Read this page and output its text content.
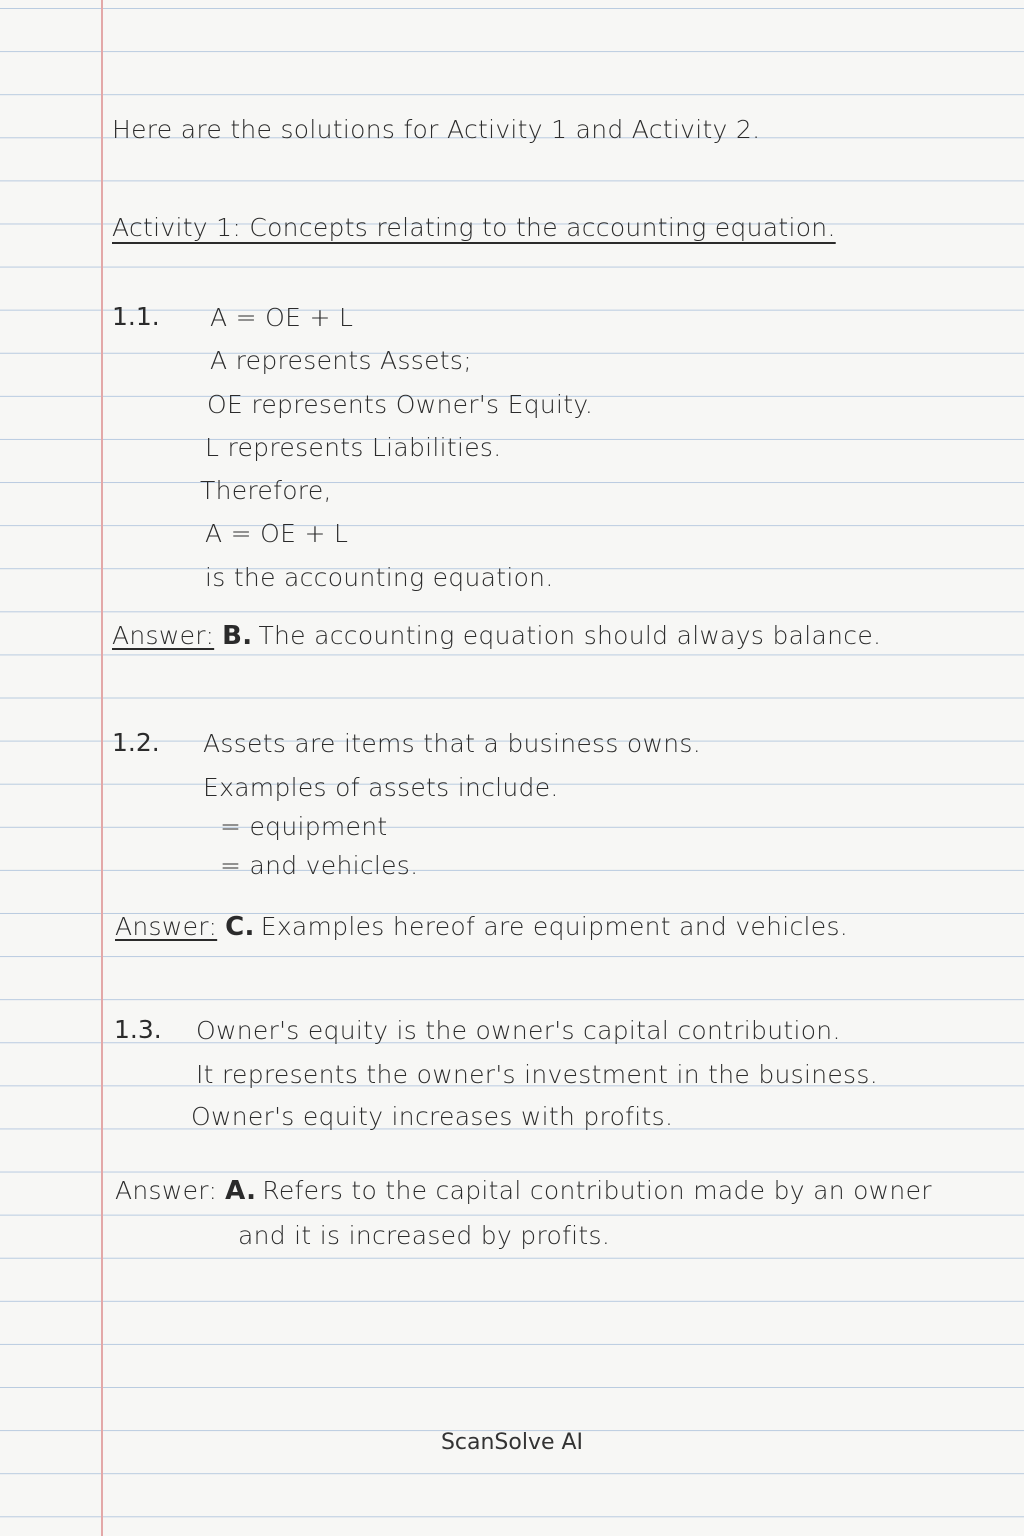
Here are the solutions for Activity 1 and Activity 2.
Activity 1: Concepts relating to the accounting equation.
1.1. A = OE + L
A represents Assets;
OE represents Owner's Equity.
L represents Liabilities.
Therefore,
A = OE + L
is the accounting equation.
Answer: B. The accounting equation should always balance.
1.2. Assets are items that a business owns.
Examples of assets include.
= equipment
= and vehicles.
Answer: C. Examples hereof are equipment and vehicles.
1.3. Owner's equity is the owner's capital contribution.
It represents the owner's investment in the business.
Owner's equity increases with profits.
Answer: A. Refers to the capital contribution made by an owner
and it is increased by profits.
ScanSolve AI
